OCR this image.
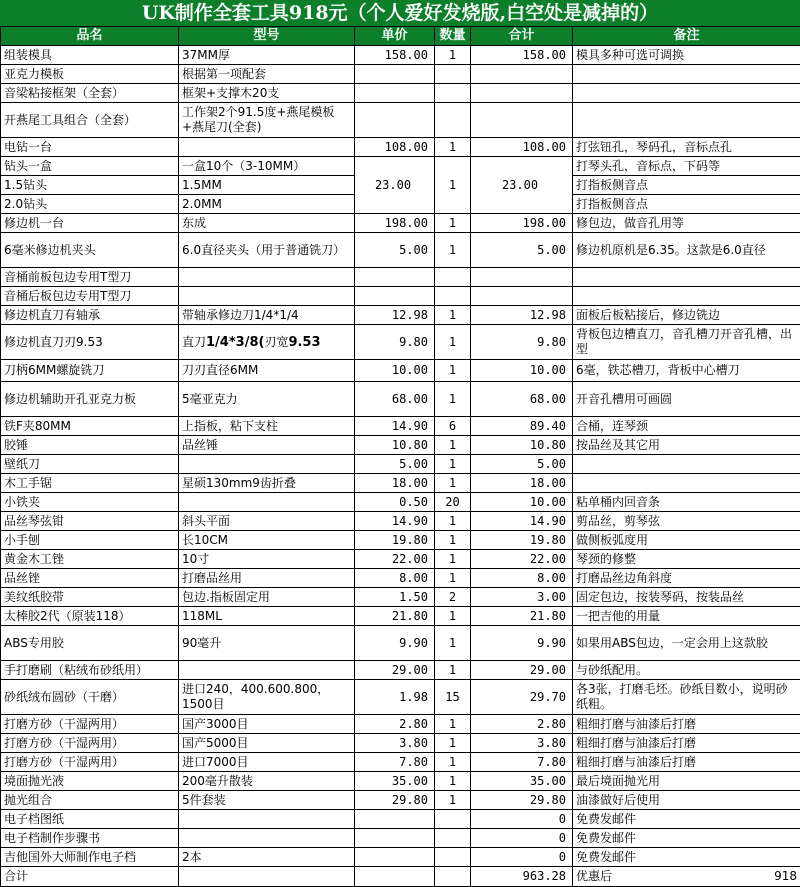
UK制作全套工具918元（个人爱好发烧版,白空处是减掉的）
品名	型号	单价	数量	合计	备注
组装模具	37MM厚	158.00	1	158.00	模具多种可选可调换
亚克力模板	根据第一项配套				
音梁粘接框架（全套）	框架+支撑木20支				
开燕尾工具组合（全套）	工作架2个91.5度+燕尾模板+燕尾刀(全套)				
电钻一台		108.00	1	108.00	打弦钮孔，琴码孔，音标点孔
钻头一盒	一盒10个（3-10MM）	23.00	1	23.00	打琴头孔，音标点，下码等
1.5钻头	1.5MM				打指板侧音点
2.0钻头	2.0MM				打指板侧音点
修边机一台	东成	198.00	1	198.00	修包边，做音孔用等
6毫米修边机夹头	6.0直径夹头（用于普通铣刀）	5.00	1	5.00	修边机原机是6.35。这款是6.0直径
音桶前板包边专用T型刀					
音桶后板包边专用T型刀					
修边机直刀有轴承	带轴承修边刀1/4*1/4	12.98	1	12.98	面板后板粘接后，修边铣边
修边机直刀刃9.53	直刀1/4*3/8(刃宽9.53	9.80	1	9.80	背板包边槽直刀，音孔槽刀开音孔槽，出型
刀柄6MM螺旋铣刀	刀刃直径6MM	10.00	1	10.00	6毫，铁芯槽刀，背板中心槽刀
修边机辅助开孔亚克力板	5毫亚克力	68.00	1	68.00	开音孔槽用可画圆
铁F夹80MM	上指板，粘下支柱	14.90	6	89.40	合桶，连琴颈
胶锤	品丝锤	10.80	1	10.80	按品丝及其它用
壁纸刀		5.00	1	5.00	
木工手锯	星硕130mm9齿折叠	18.00	1	18.00	
小铁夹		0.50	20	10.00	粘单桶内回音条
品丝琴弦钳	斜头平面	14.90	1	14.90	剪品丝，剪琴弦
小手刨	长10CM	19.80	1	19.80	做侧板弧度用
黄金木工锉	10寸	22.00	1	22.00	琴颈的修整
品丝锉	打磨品丝用	8.00	1	8.00	打磨品丝边角斜度
美纹纸胶带	包边.指板固定用	1.50	2	3.00	固定包边，按装琴码，按装品丝
太棒胶2代（原装118）	118ML	21.80	1	21.80	一把吉他的用量
ABS专用胶	90毫升	9.90	1	9.90	如果用ABS包边，一定会用上这款胶
手打磨刷（粘绒布砂纸用）		29.00	1	29.00	与砂纸配用。
砂纸绒布圆砂（干磨）	进口240，400.600.800，1500目	1.98	15	29.70	各3张，打磨毛坯。砂纸目数小，说明砂纸粗。
打磨方砂（干湿两用）	国产3000目	2.80	1	2.80	粗细打磨与油漆后打磨
打磨方砂（干湿两用）	国产5000目	3.80	1	3.80	粗细打磨与油漆后打磨
打磨方砂（干湿两用）	进口7000目	7.80	1	7.80	粗细打磨与油漆后打磨
境面抛光液	200毫升散装	35.00	1	35.00	最后境面抛光用
抛光组合	5件套装	29.80	1	29.80	油漆做好后使用
电子档图纸				0	免费发邮件
电子档制作步骤书				0	免费发邮件
吉他国外大师制作电子档	2本			0	免费发邮件
合计				963.28	优惠后 918
